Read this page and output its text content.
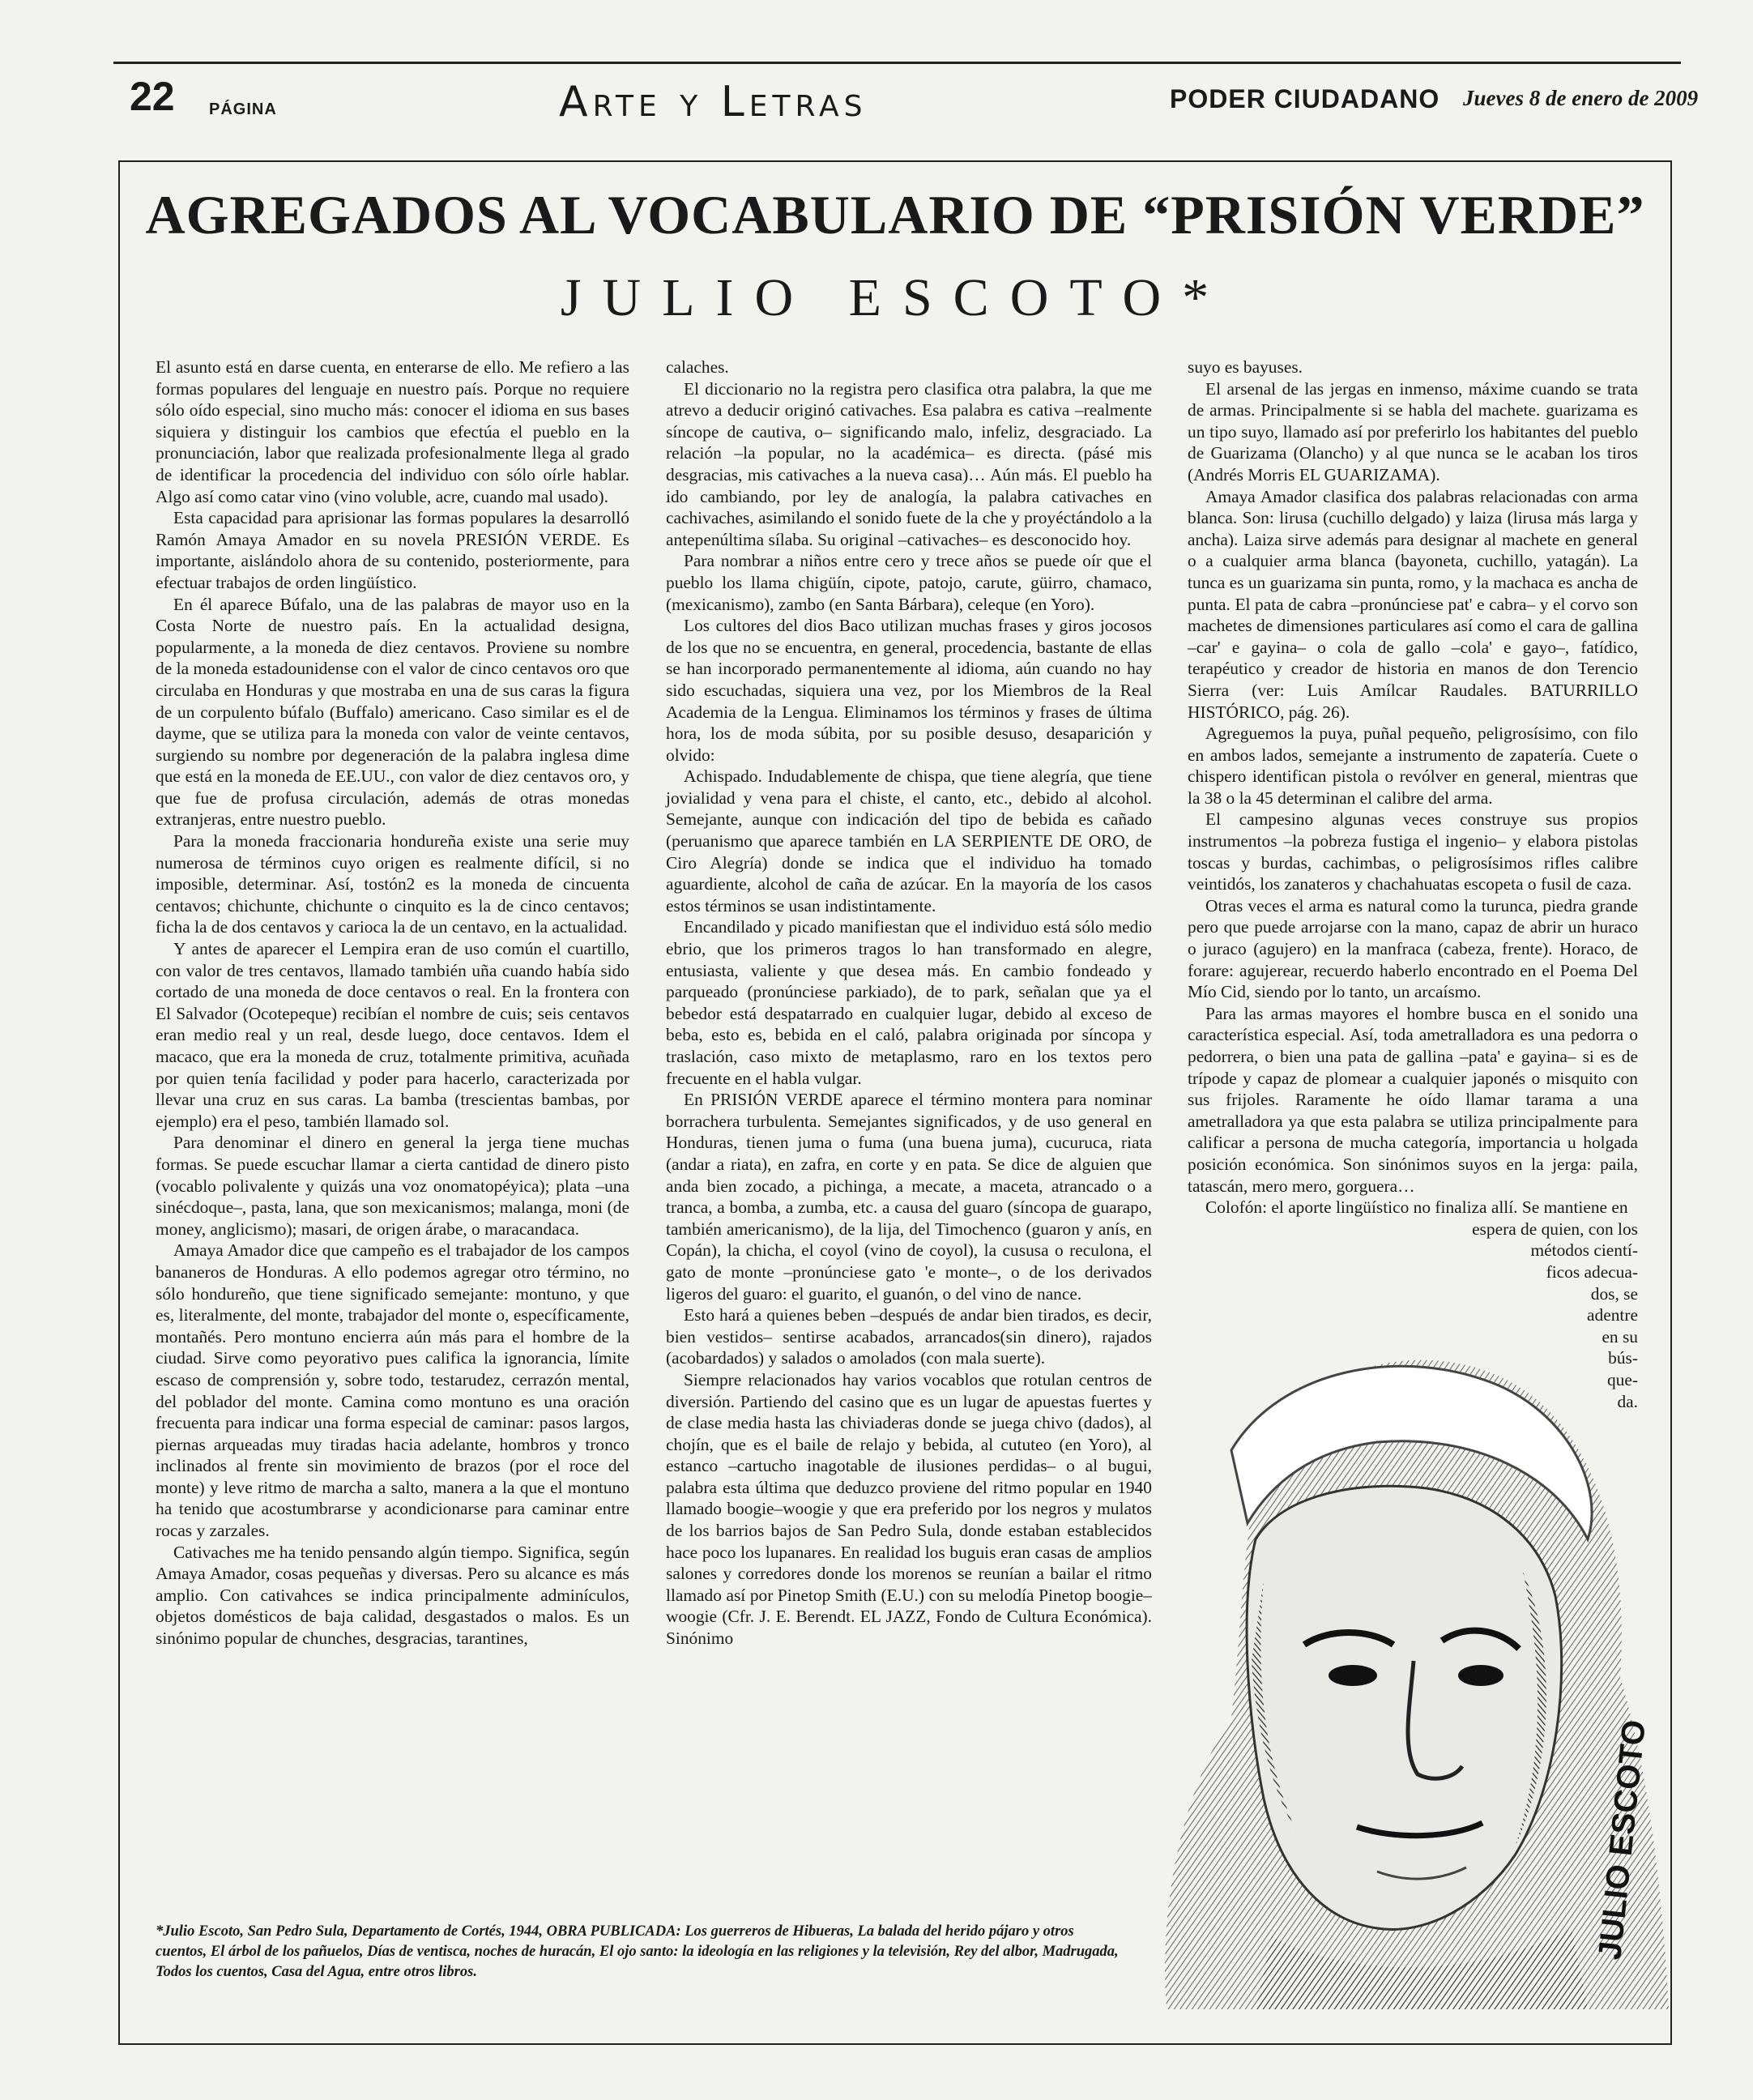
22 PÁGINA	Arte y Letras	PODER CIUDADANO Jueves 8 de enero de 2009
AGREGADOS AL VOCABULARIO DE “PRISIÓN VERDE”
JULIO ESCOTO*

El asunto está en darse cuenta, en enterarse de ello. Me refiero a las formas populares del lenguaje en nuestro país. Porque no requiere sólo oído especial, sino mucho más: conocer el idioma en sus bases siquiera y distinguir los cambios que efectúa el pueblo en la pronunciación, labor que realizada profesionalmente llega al grado de identificar la procedencia del individuo con sólo oírle hablar. Algo así como catar vino (vino voluble, acre, cuando mal usado).

Esta capacidad para aprisionar las formas populares la desarrolló Ramón Amaya Amador en su novela PRESIÓN VERDE. Es importante, aislándolo ahora de su contenido, posteriormente, para efectuar trabajos de orden lingüístico.

En él aparece Búfalo, una de las palabras de mayor uso en la Costa Norte de nuestro país. En la actualidad designa, popularmente, a la moneda de diez centavos. Proviene su nombre de la moneda estadounidense con el valor de cinco centavos oro que circulaba en Honduras y que mostraba en una de sus caras la figura de un corpulento búfalo (Buffalo) americano. Caso similar es el de dayme, que se utiliza para la moneda con valor de veinte centavos, surgiendo su nombre por degeneración de la palabra inglesa dime que está en la moneda de EE.UU., con valor de diez centavos oro, y que fue de profusa circulación, además de otras monedas extranjeras, entre nuestro pueblo.

Para la moneda fraccionaria hondureña existe una serie muy numerosa de términos cuyo origen es realmente difícil, si no imposible, determinar. Así, tostón2 es la moneda de cincuenta centavos; chichunte, chichunte o cinquito es la de cinco centavos; ficha la de dos centavos y carioca la de un centavo, en la actualidad.

Y antes de aparecer el Lempira eran de uso común el cuartillo, con valor de tres centavos, llamado también uña cuando había sido cortado de una moneda de doce centavos o real. En la frontera con El Salvador (Ocotepeque) recibían el nombre de cuis; seis centavos eran medio real y un real, desde luego, doce centavos. Idem el macaco, que era la moneda de cruz, totalmente primitiva, acuñada por quien tenía facilidad y poder para hacerlo, caracterizada por llevar una cruz en sus caras. La bamba (trescientas bambas, por ejemplo) era el peso, también llamado sol.

Para denominar el dinero en general la jerga tiene muchas formas. Se puede escuchar llamar a cierta cantidad de dinero pisto (vocablo polivalente y quizás una voz onomatopéyica); plata –una sinécdoque–, pasta, lana, que son mexicanismos; malanga, moni (de money, anglicismo); masari, de origen árabe, o maracandaca.

Amaya Amador dice que campeño es el trabajador de los campos bananeros de Honduras. A ello podemos agregar otro término, no sólo hondureño, que tiene significado semejante: montuno, y que es, literalmente, del monte, trabajador del monte o, específicamente, montañés. Pero montuno encierra aún más para el hombre de la ciudad. Sirve como peyorativo pues califica la ignorancia, límite escaso de comprensión y, sobre todo, testarudez, cerrazón mental, del poblador del monte. Camina como montuno es una oración frecuenta para indicar una forma especial de caminar: pasos largos, piernas arqueadas muy tiradas hacia adelante, hombros y tronco inclinados al frente sin movimiento de brazos (por el roce del monte) y leve ritmo de marcha a salto, manera a la que el montuno ha tenido que acostumbrarse y acondicionarse para caminar entre rocas y zarzales.

Cativaches me ha tenido pensando algún tiempo. Significa, según Amaya Amador, cosas pequeñas y diversas. Pero su alcance es más amplio. Con cativahces se indica principalmente adminículos, objetos domésticos de baja calidad, desgastados o malos. Es un sinónimo popular de chunches, desgracias, tarantines,

calaches.

El diccionario no la registra pero clasifica otra palabra, la que me atrevo a deducir originó cativaches. Esa palabra es cativa –realmente síncope de cautiva, o– significando malo, infeliz, desgraciado. La relación –la popular, no la académica– es directa. (pásé mis desgracias, mis cativaches a la nueva casa)… Aún más. El pueblo ha ido cambiando, por ley de analogía, la palabra cativaches en cachivaches, asimilando el sonido fuete de la che y proyéctándolo a la antepenúltima sílaba. Su original –cativaches– es desconocido hoy.

Para nombrar a niños entre cero y trece años se puede oír que el pueblo los llama chigüín, cipote, patojo, carute, güirro, chamaco, (mexicanismo), zambo (en Santa Bárbara), celeque (en Yoro).

Los cultores del dios Baco utilizan muchas frases y giros jocosos de los que no se encuentra, en general, procedencia, bastante de ellas se han incorporado permanentemente al idioma, aún cuando no hay sido escuchadas, siquiera una vez, por los Miembros de la Real Academia de la Lengua. Eliminamos los términos y frases de última hora, los de moda súbita, por su posible desuso, desaparición y olvido:

Achispado. Indudablemente de chispa, que tiene alegría, que tiene jovialidad y vena para el chiste, el canto, etc., debido al alcohol. Semejante, aunque con indicación del tipo de bebida es cañado (peruanismo que aparece también en LA SERPIENTE DE ORO, de Ciro Alegría) donde se indica que el individuo ha tomado aguardiente, alcohol de caña de azúcar. En la mayoría de los casos estos términos se usan indistintamente.

Encandilado y picado manifiestan que el individuo está sólo medio ebrio, que los primeros tragos lo han transformado en alegre, entusiasta, valiente y que desea más. En cambio fondeado y parqueado (pronúnciese parkiado), de to park, señalan que ya el bebedor está despatarrado en cualquier lugar, debido al exceso de beba, esto es, bebida en el caló, palabra originada por síncopa y traslación, caso mixto de metaplasmo, raro en los textos pero frecuente en el habla vulgar.

En PRISIÓN VERDE aparece el término montera para nominar borrachera turbulenta. Semejantes significados, y de uso general en Honduras, tienen juma o fuma (una buena juma), cucuruca, riata (andar a riata), en zafra, en corte y en pata. Se dice de alguien que anda bien zocado, a pichinga, a mecate, a maceta, atrancado o a tranca, a bomba, a zumba, etc. a causa del guaro (síncopa de guarapo, también americanismo), de la lija, del Timochenco (guaron y anís, en Copán), la chicha, el coyol (vino de coyol), la cususa o reculona, el gato de monte –pronúnciese gato 'e monte–, o de los derivados ligeros del guaro: el guarito, el guanón, o del vino de nance.

Esto hará a quienes beben –después de andar bien tirados, es decir, bien vestidos– sentirse acabados, arrancados(sin dinero), rajados (acobardados) y salados o amolados (con mala suerte).

Siempre relacionados hay varios vocablos que rotulan centros de diversión. Partiendo del casino que es un lugar de apuestas fuertes y de clase media hasta las chiviaderas donde se juega chivo (dados), al chojín, que es el baile de relajo y bebida, al cututeo (en Yoro), al estanco –cartucho inagotable de ilusiones perdidas– o al bugui, palabra esta última que deduzco proviene del ritmo popular en 1940 llamado boogie–woogie y que era preferido por los negros y mulatos de los barrios bajos de San Pedro Sula, donde estaban establecidos hace poco los lupanares. En realidad los buguis eran casas de amplios salones y corredores donde los morenos se reunían a bailar el ritmo llamado así por Pinetop Smith (E.U.) con su melodía Pinetop boogie–woogie (Cfr. J. E. Berendt. EL JAZZ, Fondo de Cultura Económica). Sinónimo

suyo es bayuses.

El arsenal de las jergas en inmenso, máxime cuando se trata de armas. Principalmente si se habla del machete. guarizama es un tipo suyo, llamado así por preferirlo los habitantes del pueblo de Guarizama (Olancho) y al que nunca se le acaban los tiros (Andrés Morris EL GUARIZAMA).

Amaya Amador clasifica dos palabras relacionadas con arma blanca. Son: lirusa (cuchillo delgado) y laiza (lirusa más larga y ancha). Laiza sirve además para designar al machete en general o a cualquier arma blanca (bayoneta, cuchillo, yatagán). La tunca es un guarizama sin punta, romo, y la machaca es ancha de punta. El pata de cabra –pronúnciese pat' e cabra– y el corvo son machetes de dimensiones particulares así como el cara de gallina –car' e gayina– o cola de gallo –cola' e gayo–, fatídico, terapéutico y creador de historia en manos de don Terencio Sierra (ver: Luis Amílcar Raudales. BATURRILLO HISTÓRICO, pág. 26).

Agreguemos la puya, puñal pequeño, peligrosísimo, con filo en ambos lados, semejante a instrumento de zapatería. Cuete o chispero identifican pistola o revólver en general, mientras que la 38 o la 45 determinan el calibre del arma.

El campesino algunas veces construye sus propios instrumentos –la pobreza fustiga el ingenio– y elabora pistolas toscas y burdas, cachimbas, o peligrosísimos rifles calibre veintidós, los zanateros y chachahuatas escopeta o fusil de caza.

Otras veces el arma es natural como la turunca, piedra grande pero que puede arrojarse con la mano, capaz de abrir un huraco o juraco (agujero) en la manfraca (cabeza, frente). Horaco, de forare: agujerear, recuerdo haberlo encontrado en el Poema Del Mío Cid, siendo por lo tanto, un arcaísmo.

Para las armas mayores el hombre busca en el sonido una característica especial. Así, toda ametralladora es una pedorra o pedorrera, o bien una pata de gallina –pata' e gayina– si es de trípode y capaz de plomear a cualquier japonés o misquito con sus frijoles. Raramente he oído llamar tarama a una ametralladora ya que esta palabra se utiliza principalmente para calificar a persona de mucha categoría, importancia u holgada posición económica. Son sinónimos suyos en la jerga: paila, tatascán, mero mero, gorguera…

Colofón: el aporte lingüístico no finaliza allí. Se mantiene en

espera de quien, con los
métodos cientí-
ficos adecua-
dos, se
adentre
en su
bús-
que-
da.
JULIO ESCOTO
*Julio Escoto, San Pedro Sula, Departamento de Cortés, 1944, OBRA PUBLICADA: Los guerreros de Hibueras, La balada del herido pájaro y otros cuentos, El árbol de los pañuelos, Días de ventisca, noches de huracán, El ojo santo: la ideología en las religiones y la televisión, Rey del albor, Madrugada, Todos los cuentos, Casa del Agua, entre otros libros.
